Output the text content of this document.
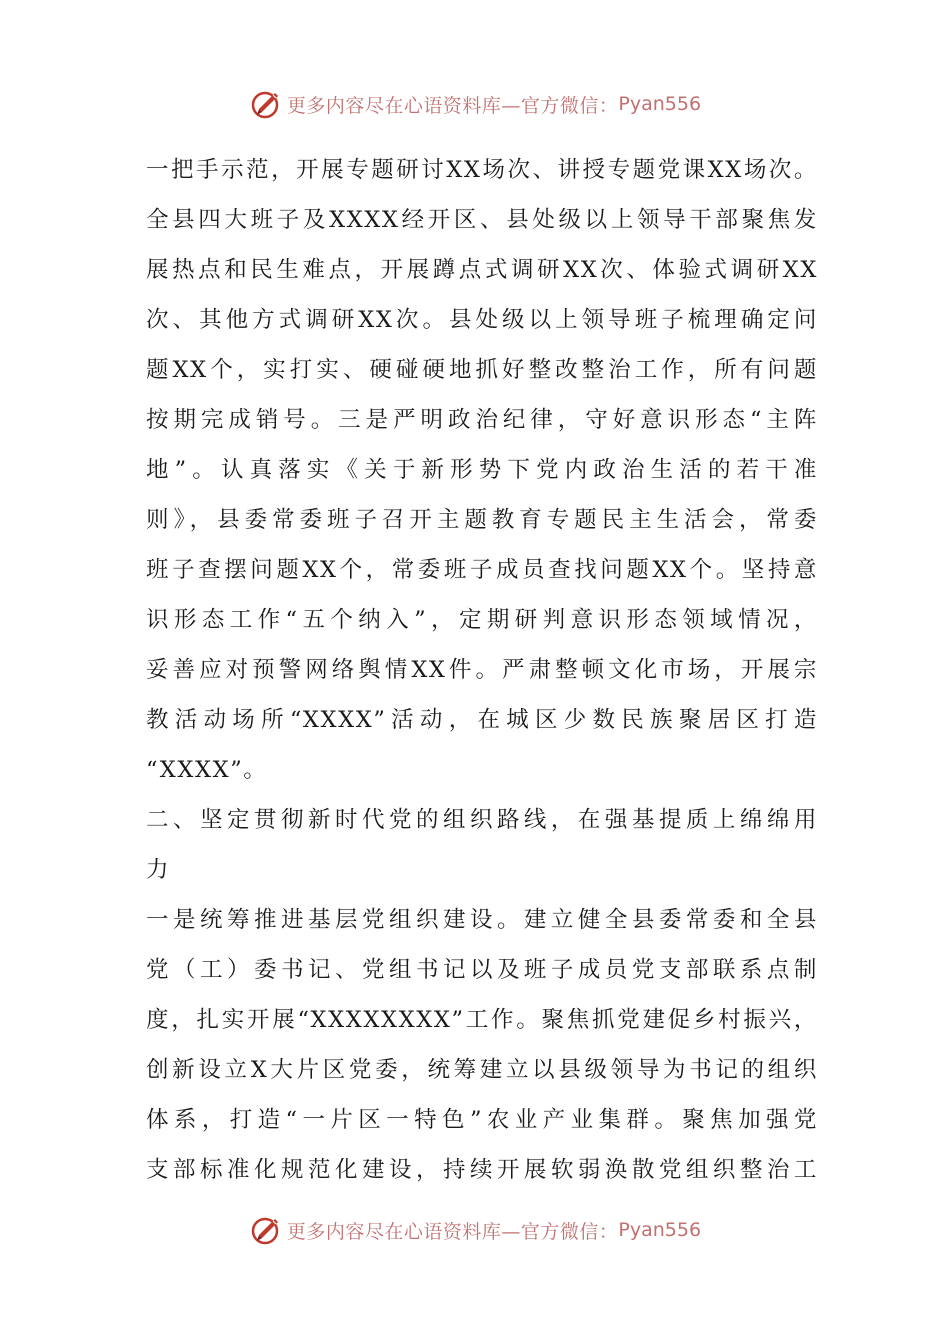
更多内容尽在心语资料库—官方微信： Pyan556
一把手示范，开展专题研讨XX场次、讲授专题党课XX场次。
全县四大班子及XXXX经开区、县处级以上领导干部聚焦发
展热点和民生难点，开展蹲点式调研XX次、体验式调研XX
次、其他方式调研XX次。县处级以上领导班子梳理确定问
题XX个，实打实、硬碰硬地抓好整改整治工作，所有问题
按期完成销号。三是严明政治纪律，守好意识形态“主阵
地”。认真落实《关于新形势下党内政治生活的若干准
则》，县委常委班子召开主题教育专题民主生活会，常委
班子查摆问题XX个，常委班子成员查找问题XX个。坚持意
识形态工作“五个纳入”，定期研判意识形态领域情况，
妥善应对预警网络舆情XX件。严肃整顿文化市场，开展宗
教活动场所“XXXX”活动，在城区少数民族聚居区打造
“XXXX”。
二、坚定贯彻新时代党的组织路线，在强基提质上绵绵用
力
一是统筹推进基层党组织建设。建立健全县委常委和全县
党（工）委书记、党组书记以及班子成员党支部联系点制
度，扎实开展“XXXXXXXX”工作。聚焦抓党建促乡村振兴，
创新设立X大片区党委，统筹建立以县级领导为书记的组织
体系，打造“一片区一特色”农业产业集群。聚焦加强党
支部标准化规范化建设，持续开展软弱涣散党组织整治工
更多内容尽在心语资料库—官方微信： Pyan556
